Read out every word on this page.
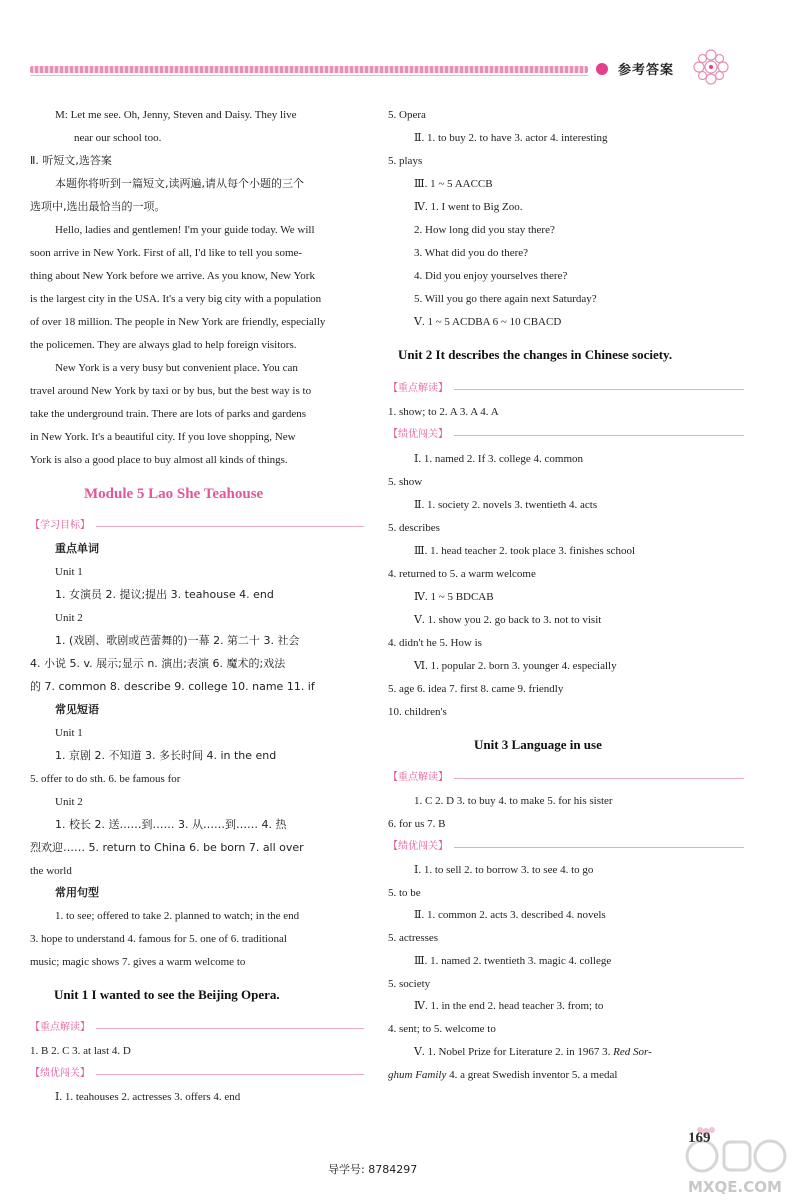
参考答案
M: Let me see. Oh, Jenny, Steven and Daisy. They live
near our school too.
Ⅱ. 听短文,选答案
本题你将听到一篇短文,读两遍,请从每个小题的三个
选项中,选出最恰当的一项。
Hello, ladies and gentlemen! I'm your guide today. We will
soon arrive in New York. First of all, I'd like to tell you some-
thing about New York before we arrive. As you know, New York
is the largest city in the USA. It's a very big city with a population
of over 18 million. The people in New York are friendly, especially
the policemen. They are always glad to help foreign visitors.
New York is a very busy but convenient place. You can
travel around New York by taxi or by bus, but the best way is to
take the underground train. There are lots of parks and gardens
in New York. It's a beautiful city. If you love shopping, New
York is also a good place to buy almost all kinds of things.
Module 5 Lao She Teahouse
【学习目标】
重点单词
Unit 1
1. 女演员 2. 提议;提出 3. teahouse 4. end
Unit 2
1. (戏剧、歌剧或芭蕾舞的)一幕 2. 第二十 3. 社会
4. 小说 5. v. 展示;显示 n. 演出;表演 6. 魔术的;戏法
的 7. common 8. describe 9. college 10. name 11. if
常见短语
Unit 1
1. 京剧 2. 不知道 3. 多长时间 4. in the end
5. offer to do sth. 6. be famous for
Unit 2
1. 校长 2. 送……到…… 3. 从……到…… 4. 热
烈欢迎…… 5. return to China 6. be born 7. all over
the world
常用句型
1. to see; offered to take 2. planned to watch; in the end
3. hope to understand 4. famous for 5. one of 6. traditional
music; magic shows 7. gives a warm welcome to
Unit 1 I wanted to see the Beijing Opera.
【重点解读】
1. B 2. C 3. at last 4. D
【绩优闯关】
Ⅰ. 1. teahouses 2. actresses 3. offers 4. end
5. Opera
Ⅱ. 1. to buy 2. to have 3. actor 4. interesting
5. plays
Ⅲ. 1 ~ 5 AACCB
Ⅳ. 1. I went to Big Zoo.
2. How long did you stay there?
3. What did you do there?
4. Did you enjoy yourselves there?
5. Will you go there again next Saturday?
Ⅴ. 1 ~ 5 ACDBA 6 ~ 10 CBACD
Unit 2 It describes the changes in Chinese society.
【重点解读】
1. show; to 2. A 3. A 4. A
【绩优闯关】
Ⅰ. 1. named 2. If 3. college 4. common
5. show
Ⅱ. 1. society 2. novels 3. twentieth 4. acts
5. describes
Ⅲ. 1. head teacher 2. took place 3. finishes school
4. returned to 5. a warm welcome
Ⅳ. 1 ~ 5 BDCAB
Ⅴ. 1. show you 2. go back to 3. not to visit
4. didn't he 5. How is
Ⅵ. 1. popular 2. born 3. younger 4. especially
5. age 6. idea 7. first 8. came 9. friendly
10. children's
Unit 3 Language in use
【重点解读】
1. C 2. D 3. to buy 4. to make 5. for his sister
6. for us 7. B
【绩优闯关】
Ⅰ. 1. to sell 2. to borrow 3. to see 4. to go
5. to be
Ⅱ. 1. common 2. acts 3. described 4. novels
5. actresses
Ⅲ. 1. named 2. twentieth 3. magic 4. college
5. society
Ⅳ. 1. in the end 2. head teacher 3. from; to
4. sent; to 5. welcome to
Ⅴ. 1. Nobel Prize for Literature 2. in 1967 3. Red Sor-
ghum Family 4. a great Swedish inventor 5. a medal
导学号: 8784297
169
MXQE.COM
